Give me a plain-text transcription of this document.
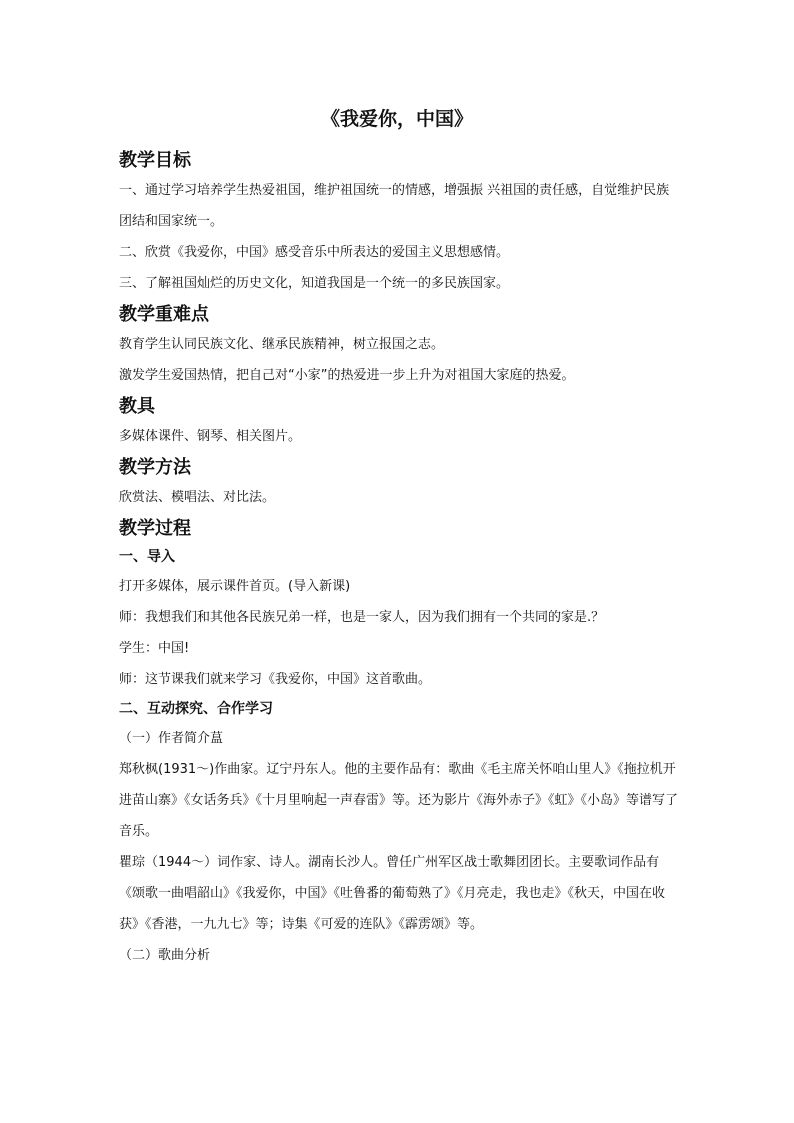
《我爱你，中国》
教学目标

一、通过学习培养学生热爱祖国，维护祖国统一的情感，增强振 兴祖国的责任感，自觉维护民族团结和国家统一。

二、欣赏《我爱你，中国》感受音乐中所表达的爱国主义思想感情。

三、了解祖国灿烂的历史文化，知道我国是一个统一的多民族国家。

教学重难点

教育学生认同民族文化、继承民族精神，树立报国之志。

激发学生爱国热情，把自己对“小家”的热爱进一步上升为对祖国大家庭的热爱。

教具

多媒体课件、钢琴、相关图片。

教学方法

欣赏法、模唱法、对比法。

教学过程
一、导入

打开多媒体，展示课件首页。(导入新课)

师：我想我们和其他各民族兄弟一样，也是一家人，因为我们拥有一个共同的家是.？

学生：中国!

师：这节课我们就来学习《我爱你，中国》这首歌曲。

二、互动探究、合作学习

（一）作者简介蒀

郑秋枫(1931～)作曲家。辽宁丹东人。他的主要作品有：歌曲《毛主席关怀咱山里人》《拖拉机开进苗山寨》《女话务兵》《十月里响起一声春雷》等。还为影片《海外赤子》《虹》《小岛》等谱写了音乐。

瞿琮（1944～）词作家、诗人。湖南长沙人。曾任广州军区战士歌舞团团长。主要歌词作品有《颂歌一曲唱韶山》《我爱你，中国》《吐鲁番的葡萄熟了》《月亮走，我也走》《秋天，中国在收获》《香港，一九九七》等；诗集《可爱的连队》《霹雳颂》等。

（二）歌曲分析
